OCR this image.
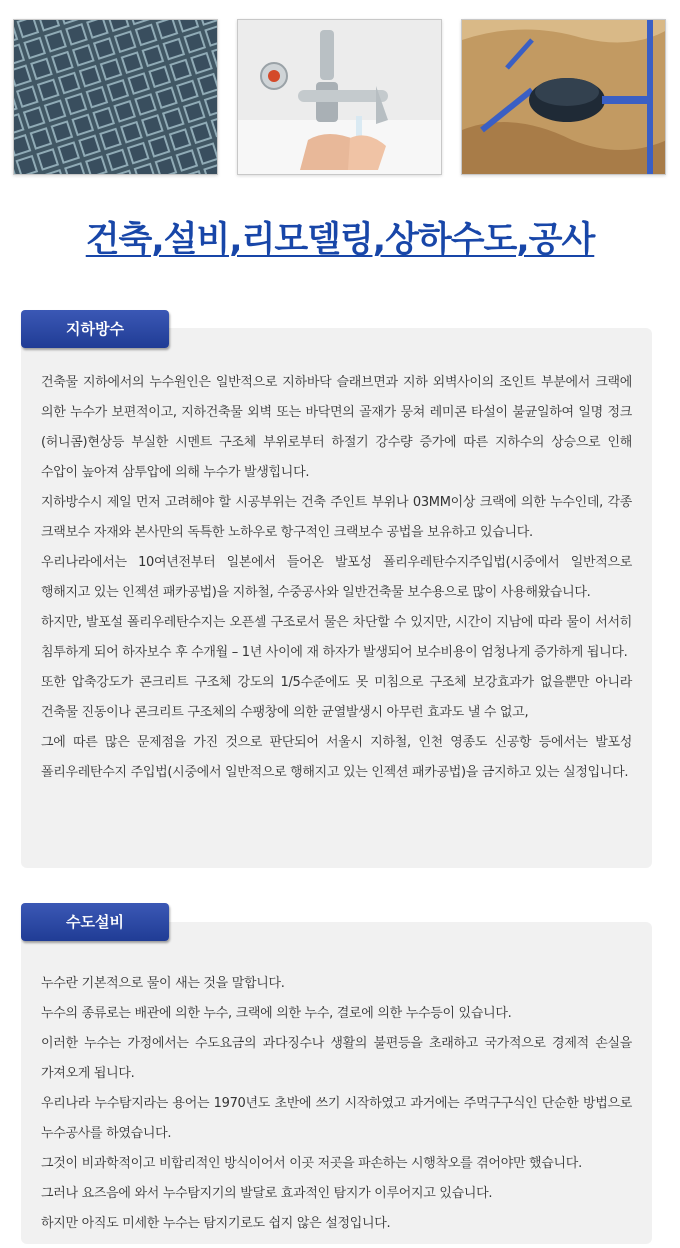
건축,설비,리모델링,상하수도,공사

건축물 지하에서의 누수원인은 일반적으로 지하바닥 슬래브면과 지하 외벽사이의 조인트 부분에서 크랙에 의한 누수가 보편적이고, 지하건축물 외벽 또는 바닥면의 골재가 뭉쳐 레미콘 타설이 불균일하여 일명 정크(허니콤)현상등 부실한 시멘트 구조체 부위로부터 하절기 강수량 증가에 따른 지하수의 상승으로 인해 수압이 높아져 삼투압에 의해 누수가 발생힙니다.

지하방수시 제일 먼저 고려해야 할 시공부위는 건축 주인트 부위나 03MM이상 크랙에 의한 누수인데, 각종 크랙보수 자재와 본사만의 독특한 노하우로 항구적인 크랙보수 공법을 보유하고 있습니다.

우리나라에서는 10여년전부터 일본에서 들어온 발포성 폴리우레탄수지주입법(시중에서 일반적으로 행해지고 있는 인젝션 패카공법)을 지하철, 수중공사와 일반건축물 보수용으로 많이 사용해왔습니다.

하지만, 발포설 폴리우레탄수지는 오픈셀 구조로서 물은 차단할 수 있지만, 시간이 지남에 따라 물이 서서히 침투하게 되어 하자보수 후 수개월 – 1년 사이에 재 하자가 발생되어 보수비용이 엄청나게 증가하게 됩니다.

또한 압축강도가 콘크리트 구조체 강도의 1/5수준에도 못 미침으로 구조체 보강효과가 없을뿐만 아니라 건축물 진동이나 콘크리트 구조체의 수팽창에 의한 균열발생시 아무런 효과도 낼 수 없고,

그에 따른 많은 문제점을 가진 것으로 판단되어 서울시 지하철, 인천 영종도 신공항 등에서는 발포성 폴리우레탄수지 주입법(시중에서 일반적으로 행해지고 있는 인젝션 패카공법)을 금지하고 있는 실정입니다.

지하방수

누수란 기본적으로 물이 새는 것을 말합니다.

누수의 종류로는 배관에 의한 누수, 크랙에 의한 누수, 결로에 의한 누수등이 있습니다.

이러한 누수는 가정에서는 수도요금의 과다징수나 생활의 불편등을 초래하고 국가적으로 경제적 손실을 가져오게 됩니다.

우리나라 누수탐지라는 용어는 1970년도 초반에 쓰기 시작하였고 과거에는 주먹구구식인 단순한 방법으로 누수공사를 하였습니다.

그것이 비과학적이고 비합리적인 방식이어서 이곳 저곳을 파손하는 시행착오를 겪어야만 했습니다.

그러나 요즈음에 와서 누수탐지기의 발달로 효과적인 탐지가 이루어지고 있습니다.

하지만 아직도 미세한 누수는 탐지기로도 쉽지 않은 설정입니다.

수도설비
